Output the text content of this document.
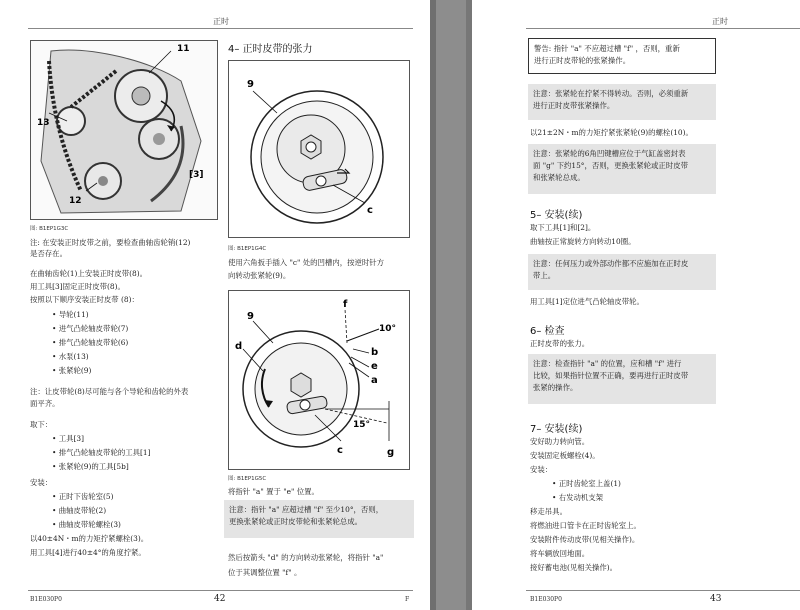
正时
11
13
12
[3]
图: B1EP1G3C
注: 在安装正时皮带之前，要检查曲轴齿轮销(12)
是否存在。
在曲轴齿轮(1)上安装正时皮带(8)。
用工具[3]固定正时皮带(8)。
按照以下顺序安装正时皮带 (8)：
• 导轮(11)
• 进气凸轮轴皮带轮(7)
• 排气凸轮轴皮带轮(6)
• 水泵(13)
• 张紧轮(9)
注：让皮带轮(8)尽可能与各个导轮和齿轮的外表
面平齐。
取下：
• 工具[3]
• 排气凸轮轴皮带轮的工具[1]
• 张紧轮(9)的工具[5b]
安装：
• 正时下齿轮室(5)
• 曲轴皮带轮(2)
• 曲轴皮带轮螺栓(3)
以40±4N・m的力矩拧紧螺栓(3)。
用工具[4]进行40±4°的角度拧紧。
4– 正时皮带的张力
9
c
图: B1EP1G4C
使用六角扳手插入 "c" 处的凹槽内，按逆时针方
向转动张紧轮(9)。
9
f
10°
d
b
e
a
15°
c	g
图: B1EP1G5C
将指针 "a" 置于 "e" 位置。
注意：指针 "a" 应超过槽 "f" 至少10°，否则，
更换张紧轮或正时皮带轮和张紧轮总成。
然后按箭头 "d" 的方向转动张紧轮，将指针 "a"
位于其调整位置 "f" 。
B1E030P0	42	F
正时
警告: 指针 "a" 不应超过槽 "f" ，否则，重新
进行正时皮带轮的张紧操作。
注意：张紧轮在拧紧不得转动。否则，必须重新
进行正时皮带张紧操作。
以21±2N・m的力矩拧紧张紧轮(9)的螺栓(10)。
注意：张紧轮的6角凹键槽应位于气缸盖密封表
面 "g" 下约15°，否则，更换张紧轮或正时皮带
和张紧轮总成。
5– 安装(续)
取下工具[1]和[2]。
曲轴按正常旋转方向转动10圈。
注意：任何压力或外部动作都不应施加在正时皮
带上。
用工具[1]定位进气凸轮轴皮带轮。
6– 检查
正时皮带的张力。
注意：检查指针 "a" 的位置，应和槽 "f" 进行
比较，如果指针位置不正确，要再进行正时皮带
张紧的操作。
7– 安装(续)
安好助力转向管。
安装固定板螺栓(4)。
安装：
• 正时齿轮室上盖(1)
• 右发动机支架
移走吊具。
将燃油进口管卡在正时齿轮室上。
安装附件传动皮带(见相关操作)。
将车辆放回地面。
接好蓄电池(见相关操作)。
B1E030P0	43
